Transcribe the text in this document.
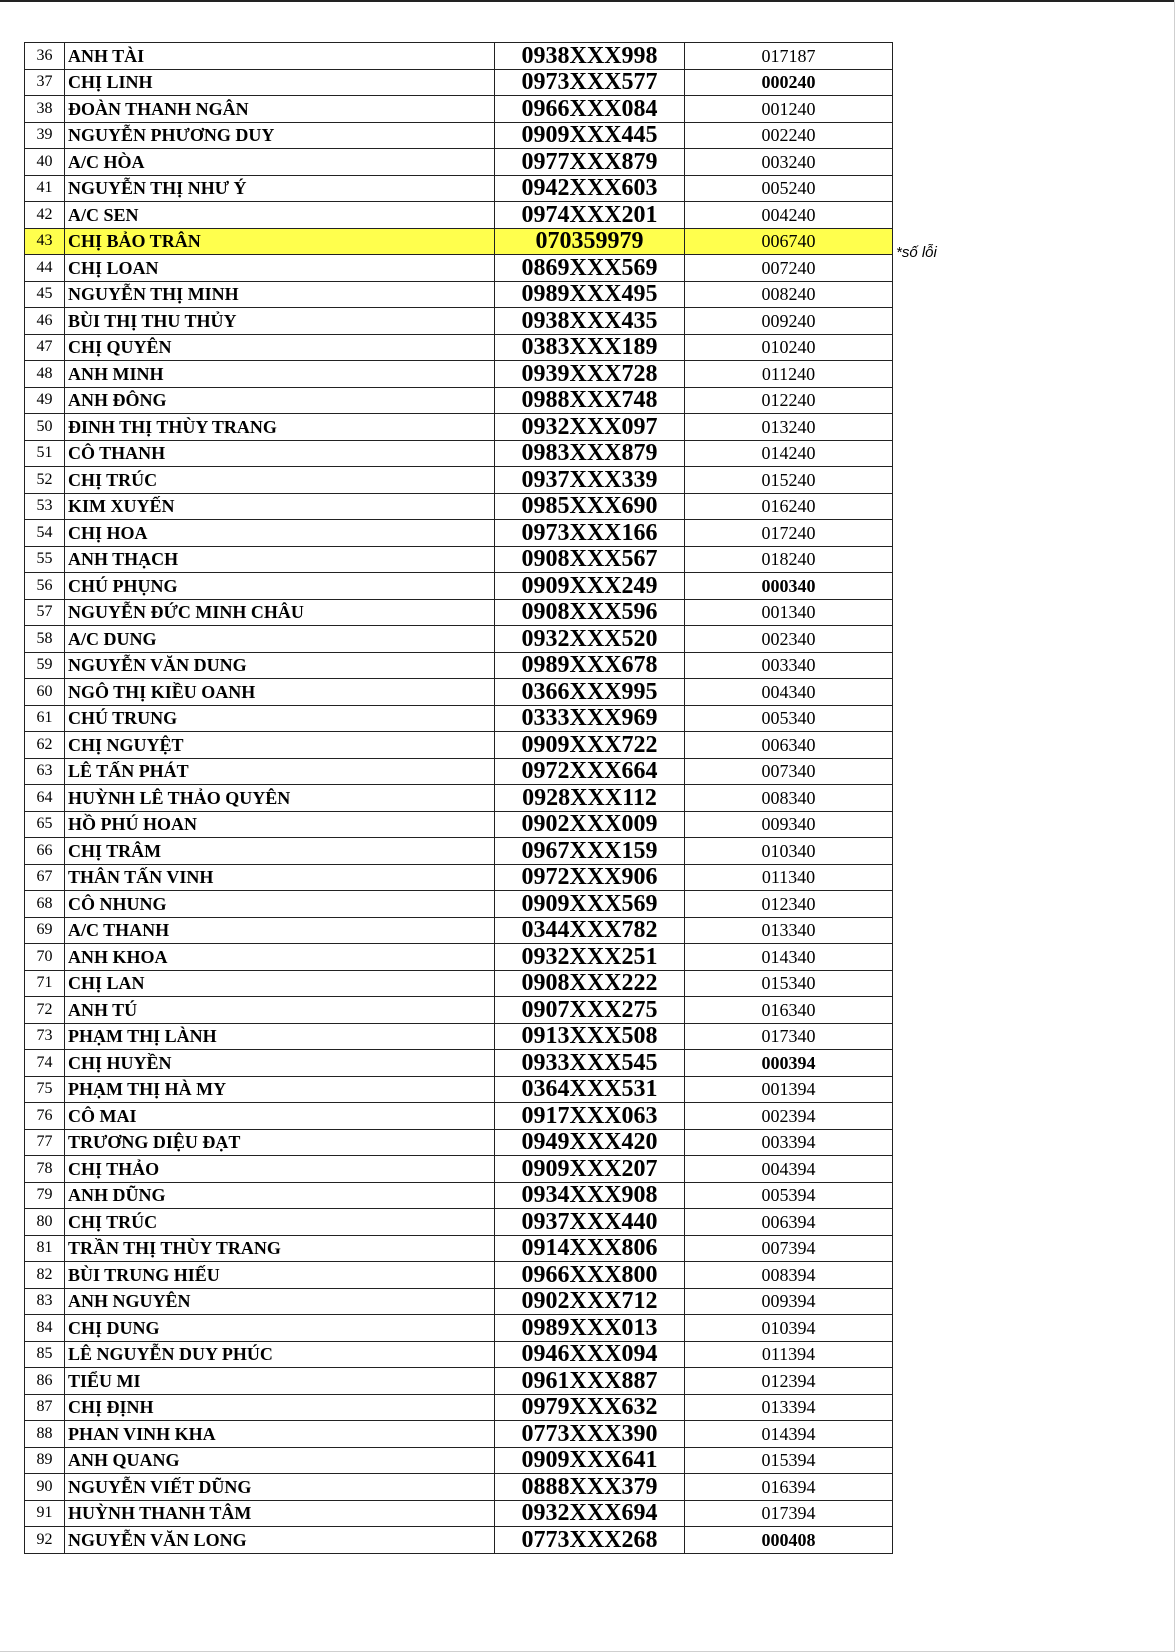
36	ANH TÀI	0938XXX998	017187
37	CHỊ LINH	0973XXX577	000240
38	ĐOÀN THANH NGÂN	0966XXX084	001240
39	NGUYỄN PHƯƠNG DUY	0909XXX445	002240
40	A/C HÒA	0977XXX879	003240
41	NGUYỄN THỊ NHƯ Ý	0942XXX603	005240
42	A/C SEN	0974XXX201	004240
43	CHỊ BẢO TRÂN	070359979	006740
44	CHỊ LOAN	0869XXX569	007240
45	NGUYỄN THỊ MINH	0989XXX495	008240
46	BÙI THỊ THU THỦY	0938XXX435	009240
47	CHỊ QUYÊN	0383XXX189	010240
48	ANH MINH	0939XXX728	011240
49	ANH ĐÔNG	0988XXX748	012240
50	ĐINH THỊ THÙY TRANG	0932XXX097	013240
51	CÔ THANH	0983XXX879	014240
52	CHỊ TRÚC	0937XXX339	015240
53	KIM XUYẾN	0985XXX690	016240
54	CHỊ HOA	0973XXX166	017240
55	ANH THẠCH	0908XXX567	018240
56	CHÚ PHỤNG	0909XXX249	000340
57	NGUYỄN ĐỨC MINH CHÂU	0908XXX596	001340
58	A/C DUNG	0932XXX520	002340
59	NGUYỄN VĂN DUNG	0989XXX678	003340
60	NGÔ THỊ KIỀU OANH	0366XXX995	004340
61	CHÚ TRUNG	0333XXX969	005340
62	CHỊ NGUYỆT	0909XXX722	006340
63	LÊ TẤN PHÁT	0972XXX664	007340
64	HUỲNH LÊ THẢO QUYÊN	0928XXX112	008340
65	HỒ PHÚ HOAN	0902XXX009	009340
66	CHỊ TRÂM	0967XXX159	010340
67	THÂN TẤN VINH	0972XXX906	011340
68	CÔ NHUNG	0909XXX569	012340
69	A/C THANH	0344XXX782	013340
70	ANH KHOA	0932XXX251	014340
71	CHỊ LAN	0908XXX222	015340
72	ANH TÚ	0907XXX275	016340
73	PHẠM THỊ LÀNH	0913XXX508	017340
74	CHỊ HUYỀN	0933XXX545	000394
75	PHẠM THỊ HÀ MY	0364XXX531	001394
76	CÔ MAI	0917XXX063	002394
77	TRƯƠNG DIỆU ĐẠT	0949XXX420	003394
78	CHỊ THẢO	0909XXX207	004394
79	ANH DŨNG	0934XXX908	005394
80	CHỊ TRÚC	0937XXX440	006394
81	TRẦN THỊ THÙY TRANG	0914XXX806	007394
82	BÙI TRUNG HIẾU	0966XXX800	008394
83	ANH NGUYÊN	0902XXX712	009394
84	CHỊ DUNG	0989XXX013	010394
85	LÊ NGUYỄN DUY PHÚC	0946XXX094	011394
86	TIỂU MI	0961XXX887	012394
87	CHỊ ĐỊNH	0979XXX632	013394
88	PHAN VINH KHA	0773XXX390	014394
89	ANH QUANG	0909XXX641	015394
90	NGUYỄN VIẾT DŨNG	0888XXX379	016394
91	HUỲNH THANH TÂM	0932XXX694	017394
92	NGUYỄN VĂN LONG	0773XXX268	000408
*số lỗi
